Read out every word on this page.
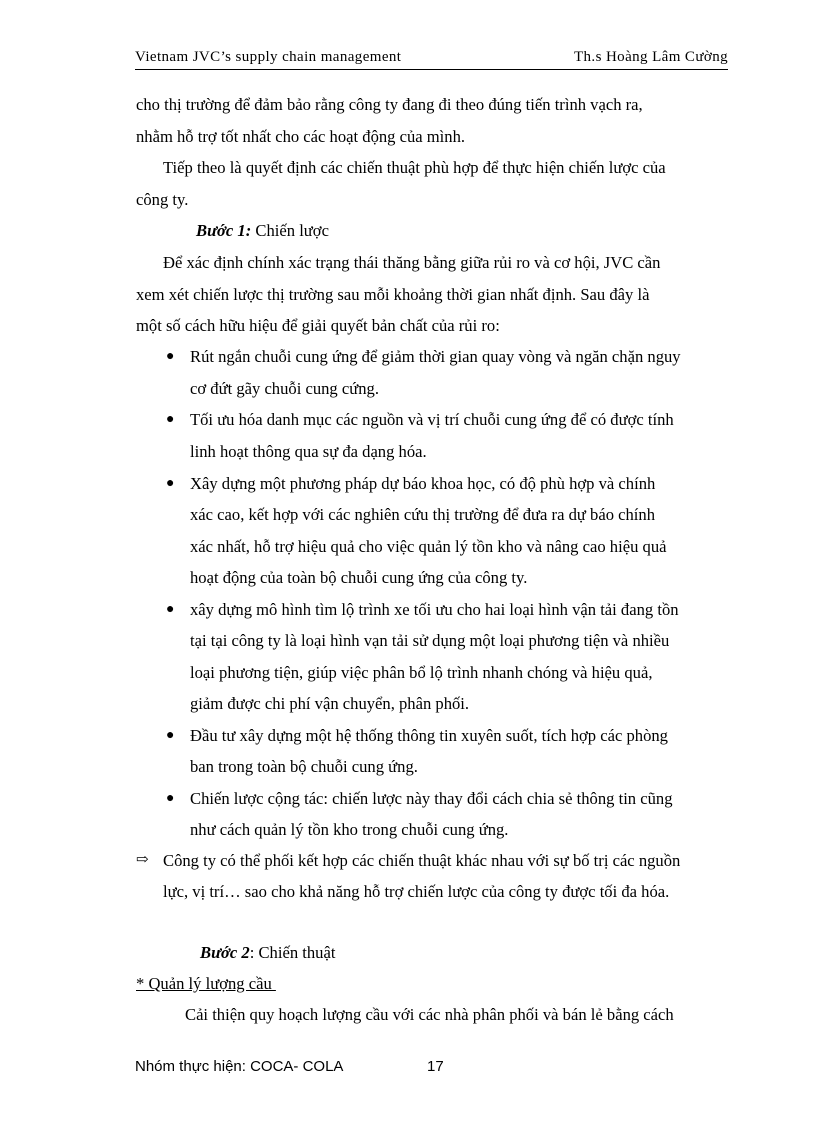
Vietnam JVC’s supply chain management	Th.s Hoàng Lâm Cường
cho thị trường để đảm bảo rằng công ty đang đi theo đúng tiến trình vạch ra,
nhằm hỗ trợ tốt nhất cho các hoạt động của mình.
Tiếp theo là quyết định các chiến thuật phù hợp để thực hiện chiến lược của
công ty.
Bước 1: Chiến lược
Để xác định chính xác trạng thái thăng bằng giữa rủi ro và cơ hội, JVC cần
xem xét chiến lược thị trường sau mỗi khoảng thời gian nhất định. Sau đây là
một số cách hữu hiệu để giải quyết bản chất của rủi ro:
● Rút ngắn chuỗi cung ứng để giảm thời gian quay vòng và ngăn chặn nguy
cơ đứt gãy chuỗi cung cứng.
● Tối ưu hóa danh mục các nguồn và vị trí chuỗi cung ứng để có được tính
linh hoạt thông qua sự đa dạng hóa.
● Xây dựng một phương pháp dự báo khoa học, có độ phù hợp và chính
xác cao, kết hợp với các nghiên cứu thị trường để đưa ra dự báo chính
xác nhất, hỗ trợ hiệu quả cho việc quản lý tồn kho và nâng cao hiệu quả
hoạt động của toàn bộ chuỗi cung ứng của công ty.
● xây dựng mô hình tìm lộ trình xe tối ưu cho hai loại hình vận tải đang tồn
tại tại công ty là loại hình vạn tải sử dụng một loại phương tiện và nhiều
loại phương tiện, giúp việc phân bổ lộ trình nhanh chóng và hiệu quả,
giảm được chi phí vận chuyển, phân phối.
● Đầu tư xây dựng một hệ thống thông tin xuyên suốt, tích hợp các phòng
ban trong toàn bộ chuỗi cung ứng.
● Chiến lược cộng tác: chiến lược này thay đổi cách chia sẻ thông tin cũng
như cách quản lý tồn kho trong chuỗi cung ứng.
⇨ Công ty có thể phối kết hợp các chiến thuật khác nhau với sự bố trị các nguồn
lực, vị trí… sao cho khả năng hỗ trợ chiến lược của công ty được tối đa hóa.
Bước 2: Chiến thuật
* Quản lý lượng cầu
Cải thiện quy hoạch lượng cầu với các nhà phân phối và bán lẻ bằng cách
Nhóm thực hiện: COCA- COLA	17
